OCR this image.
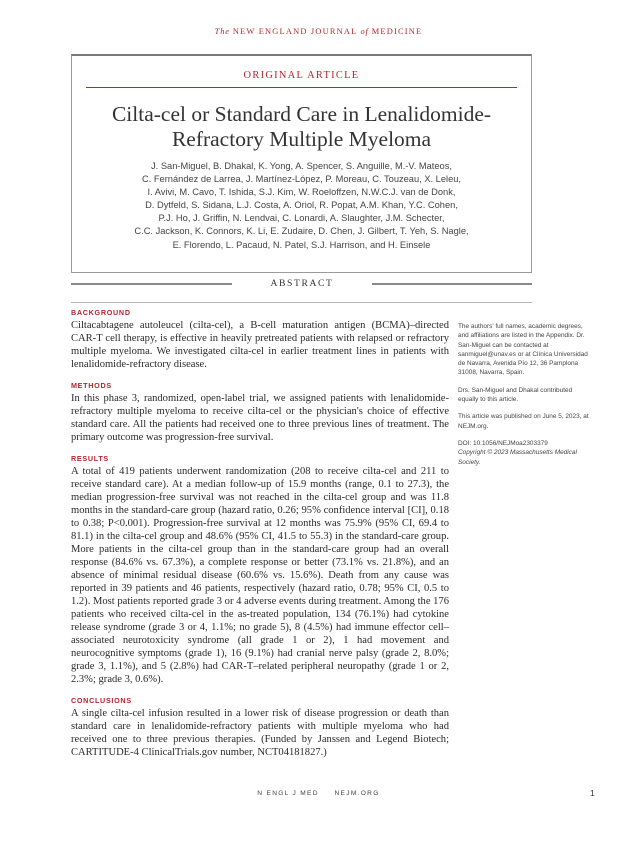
The NEW ENGLAND JOURNAL of MEDICINE
ORIGINAL ARTICLE
Cilta-cel or Standard Care in Lenalidomide-
Refractory Multiple Myeloma
J. San-Miguel, B. Dhakal, K. Yong, A. Spencer, S. Anguille, M.-V. Mateos,
C. Fernández de Larrea, J. Martínez-López, P. Moreau, C. Touzeau, X. Leleu,
I. Avivi, M. Cavo, T. Ishida, S.J. Kim, W. Roeloffzen, N.W.C.J. van de Donk,
D. Dytfeld, S. Sidana, L.J. Costa, A. Oriol, R. Popat, A.M. Khan, Y.C. Cohen,
P.J. Ho, J. Griffin, N. Lendvai, C. Lonardi, A. Slaughter, J.M. Schecter,
C.C. Jackson, K. Connors, K. Li, E. Zudaire, D. Chen, J. Gilbert, T. Yeh, S. Nagle,
E. Florendo, L. Pacaud, N. Patel, S.J. Harrison, and H. Einsele
ABSTRACT
BACKGROUND

Ciltacabtagene autoleucel (cilta-cel), a B-cell maturation antigen (BCMA)–directed CAR-T cell therapy, is effective in heavily pretreated patients with relapsed or refractory multiple myeloma. We investigated cilta-cel in earlier treatment lines in patients with lenalidomide-refractory disease.

METHODS

In this phase 3, randomized, open-label trial, we assigned patients with lenalidomide-refractory multiple myeloma to receive cilta-cel or the physician's choice of effective standard care. All the patients had received one to three previous lines of treatment. The primary outcome was progression-free survival.

RESULTS

A total of 419 patients underwent randomization (208 to receive cilta-cel and 211 to receive standard care). At a median follow-up of 15.9 months (range, 0.1 to 27.3), the median progression-free survival was not reached in the cilta-cel group and was 11.8 months in the standard-care group (hazard ratio, 0.26; 95% confidence interval [CI], 0.18 to 0.38; P<0.001). Progression-free survival at 12 months was 75.9% (95% CI, 69.4 to 81.1) in the cilta-cel group and 48.6% (95% CI, 41.5 to 55.3) in the standard-care group. More patients in the cilta-cel group than in the standard-care group had an overall response (84.6% vs. 67.3%), a complete response or better (73.1% vs. 21.8%), and an absence of minimal residual disease (60.6% vs. 15.6%). Death from any cause was reported in 39 patients and 46 patients, respectively (hazard ratio, 0.78; 95% CI, 0.5 to 1.2). Most patients reported grade 3 or 4 adverse events during treatment. Among the 176 patients who received cilta-cel in the as-treated population, 134 (76.1%) had cytokine release syndrome (grade 3 or 4, 1.1%; no grade 5), 8 (4.5%) had immune effector cell–associated neurotoxicity syndrome (all grade 1 or 2), 1 had movement and neurocognitive symptoms (grade 1), 16 (9.1%) had cranial nerve palsy (grade 2, 8.0%; grade 3, 1.1%), and 5 (2.8%) had CAR-T–related peripheral neuropathy (grade 1 or 2, 2.3%; grade 3, 0.6%).

CONCLUSIONS

A single cilta-cel infusion resulted in a lower risk of disease progression or death than standard care in lenalidomide-refractory patients with multiple myeloma who had received one to three previous therapies. (Funded by Janssen and Legend Biotech; CARTITUDE-4 ClinicalTrials.gov number, NCT04181827.)

The authors' full names, academic degrees, and affiliations are listed in the Appendix. Dr. San-Miguel can be contacted at sanmiguel@unav.es or at Clínica Universidad de Navarra, Avenida Pío 12, 36 Pamplona 31008, Navarra, Spain.

Drs. San-Miguel and Dhakal contributed equally to this article.

This article was published on June 5, 2023, at NEJM.org.

DOI: 10.1056/NEJMoa2303379
Copyright © 2023 Massachusetts Medical Society.
N ENGL J MED     NEJM.ORG	1
